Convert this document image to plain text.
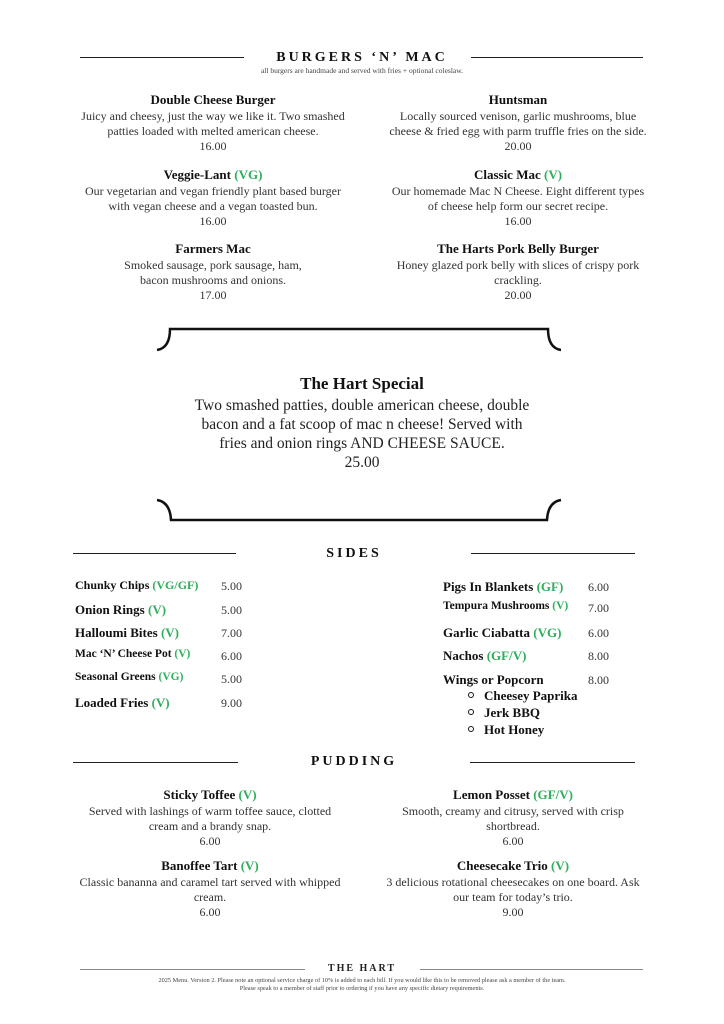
BURGERS ‘N’ MAC
all burgers are handmade and served with fries + optional coleslaw.
Double Cheese Burger
Juicy and cheesy, just the way we like it. Two smashed
patties loaded with melted american cheese.
16.00
Huntsman
Locally sourced venison, garlic mushrooms, blue
cheese & fried egg with parm truffle fries on the side.
20.00
Veggie-Lant (VG)
Our vegetarian and vegan friendly plant based burger
with vegan cheese and a vegan toasted bun.
16.00
Classic Mac (V)
Our homemade Mac N Cheese. Eight different types
of cheese help form our secret recipe.
16.00
Farmers Mac
Smoked sausage, pork sausage, ham,
bacon mushrooms and onions.
17.00
The Harts Pork Belly Burger
Honey glazed pork belly with slices of crispy pork
crackling.
20.00
The Hart Special
Two smashed patties, double american cheese, double
bacon and a fat scoop of mac n cheese! Served with
fries and onion rings AND CHEESE SAUCE.
25.00
SIDES
Chunky Chips (VG/GF) 5.00
Onion Rings (V)	5.00
Halloumi Bites (V)	7.00
Mac ‘N’ Cheese Pot (V)	6.00
Seasonal Greens (VG)	5.00
Loaded Fries (V)	9.00
Pigs In Blankets (GF) 6.00
Tempura Mushrooms (V) 7.00
Garlic Ciabatta (VG) 6.00
Nachos (GF/V)	8.00
Wings or Popcorn	8.00
Cheesey Paprika
Jerk BBQ
Hot Honey
PUDDING
Sticky Toffee (V)
Served with lashings of warm toffee sauce, clotted
cream and a brandy snap.
6.00
Lemon Posset (GF/V)
Smooth, creamy and citrusy, served with crisp
shortbread.
6.00
Banoffee Tart (V)
Classic bananna and caramel tart served with whipped
cream.
6.00
Cheesecake Trio (V)
3 delicious rotational cheesecakes on one board. Ask
our team for today’s trio.
9.00
THE HART
2025 Menu. Version 2. Please note an optional service charge of 10% is added to each bill. If you would like this to be removed please ask a member of the team.
Please speak to a member of staff prior to ordering if you have any specific dietary requirements.
